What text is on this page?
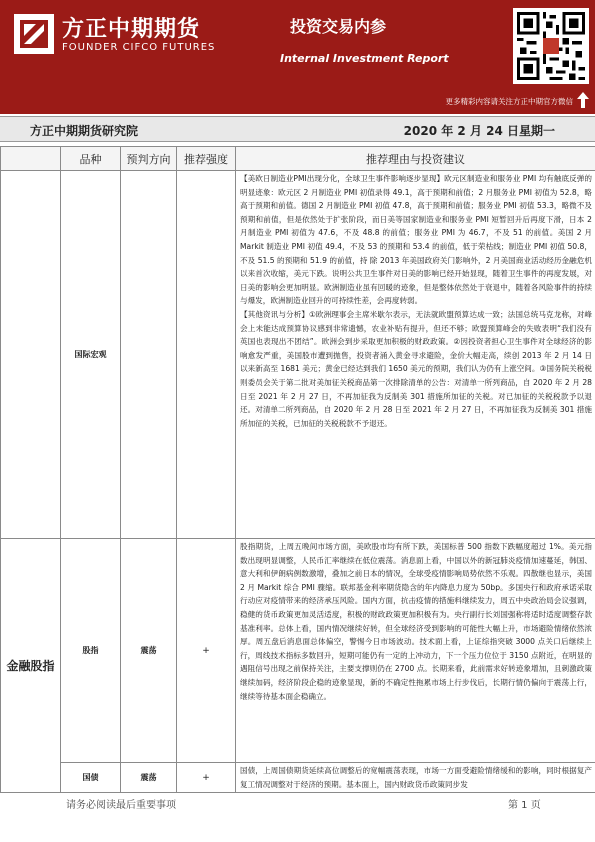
方正中期期货
FOUNDER CIFCO FUTURES
投资交易内参
Internal Investment Report
更多精彩内容请关注方正中期官方微信
方正中期期货研究院	2020 年 2 月 24 日星期一
	品种	预判方向	推荐强度	推荐理由与投资建议
	国际宏观			【美欧日制造业PMI出现分化，全球卫生事件影响逐步显现】欧元区制造业和服务业 PMI 均有触底反弹的明显迹象：欧元区 2 月制造业 PMI 初值录得 49.1，高于预期和前值；2 月服务业 PMI 初值为 52.8，略高于预期和前值。德国 2 月制造业 PMI 初值 47.8，高于预期和前值；服务业 PMI 初值 53.3，略微不及预期和前值，但是依然处于扩张阶段，而日美等国家制造业和服务业 PMI 短暂回升后再度下滑，日本 2 月制造业 PMI 初值为 47.6，不及 48.8 的前值；服务业 PMI 为 46.7，不及 51 的前值。美国 2 月 Markit 制造业 PMI 初值 49.4，不及 53 的预期和 53.4 的前值，低于荣枯线；制造业 PMI 初值 50.8，不及 51.5 的预期和 51.9 的前值，持 除 2013 年美国政府关门影响外，2 月美国商业活动经历金融危机以来首次收缩，美元下跌。说明公共卫生事件对日美的影响已经开始显现，随着卫生事件的再度发展，对日美的影响会更加明显。欧洲制造业虽有回暖的迹象，但是整体依然处于衰退中，随着各风险事件的持续与爆发，欧洲制造业回升的可持续性差，会再度转弱。

【其他资讯与分析】①欧洲理事会主席米歇尔表示，无法就欧盟预算达成一致；法国总统马克龙称，对峰会上未能达成预算协议感到非常遗憾，农业补贴有提升，但还不够；欧盟预算峰会的失败表明“我们没有英国也表现出不团结”。欧洲会到步采取更加积极的财政政策。②因投资者担心卫生事件对全球经济的影响愈发严重，美国股市遭到抛售，投资者涌入黄金寻求避险，金价大幅走高，续创 2013 年 2 月 14 日以来新高至 1681 美元；黄金已经达到我们 1650 美元的预期，我们认为仍有上涨空间。③国务院关税税则委员会关于第二批对美加征关税商品第一次排除清单的公告：对清单一所列商品，自 2020 年 2 月 28 日至 2021 年 2 月 27 日，不再加征我为反制美 301 措施所加征的关税。对已加征的关税税款予以退还。对清单二所列商品，自 2020 年 2 月 28 日至 2021 年 2 月 27 日，不再加征我为反制美 301 措施所加征的关税，已加征的关税税款不予退还。

金融股指	股指	震荡	+	股指期货，上周五晚间市场方面，美欧股市均有所下跌，美国标普 500 指数下跌幅度超过 1%。美元指数出现明显调整，人民币汇率继续在低位震荡。消息面上看，中国以外的新冠肺炎疫情加速蔓延，韩国、意大利和伊朗病例数激增，叠加之前日本的情况，全球受疫情影响局势依然不乐观。四散继也显示，美国 2 月 Markit 综合 PMI 骤缩。联邦基金利率期货隐含的年内降息力度为 50bp。多国央行和政府承诺采取行动应对疫情带来的经济承压风险。国内方面，抗击疫情的措施料继续发力，周五中央政治局会议强调，稳健的货币政策更加灵活适度，积极的财政政策更加积极有为。央行副行长刘国强称将适时适度调整存款基准利率。总体上看，国内情况继续好转，但全球经济受到影响的可能性大幅上升，市场避险情绪依然浓厚。周五盘后消息面总体偏空，警惕今日市场波动。技术面上看，上证综指突破 3000 点关口后继续上行，周线技术指标多数回升，短期可能仍有一定的上冲动力，下一个压力位位于 3150 点附近，在明显的遇阻信号出现之前保持关注，主要支撑则仍在 2700 点。长期来看，此前需求好转迹象增加，且刺激政策继续加码，经济阶段企稳的迹象显现，新的不确定性拖累市场上行步伐后，长期行情仍偏向于震荡上行，继续等待基本面企稳确立。

	国债	震荡	+	国债，上周国债期货延续高位调整后的宽幅震荡表现，市场一方面受避险情绪缓和的影响，同时根据复产复工情况调整对于经济的预期。基本面上，国内财政货币政策同步发

请务必阅读最后重要事项	第 1 页
